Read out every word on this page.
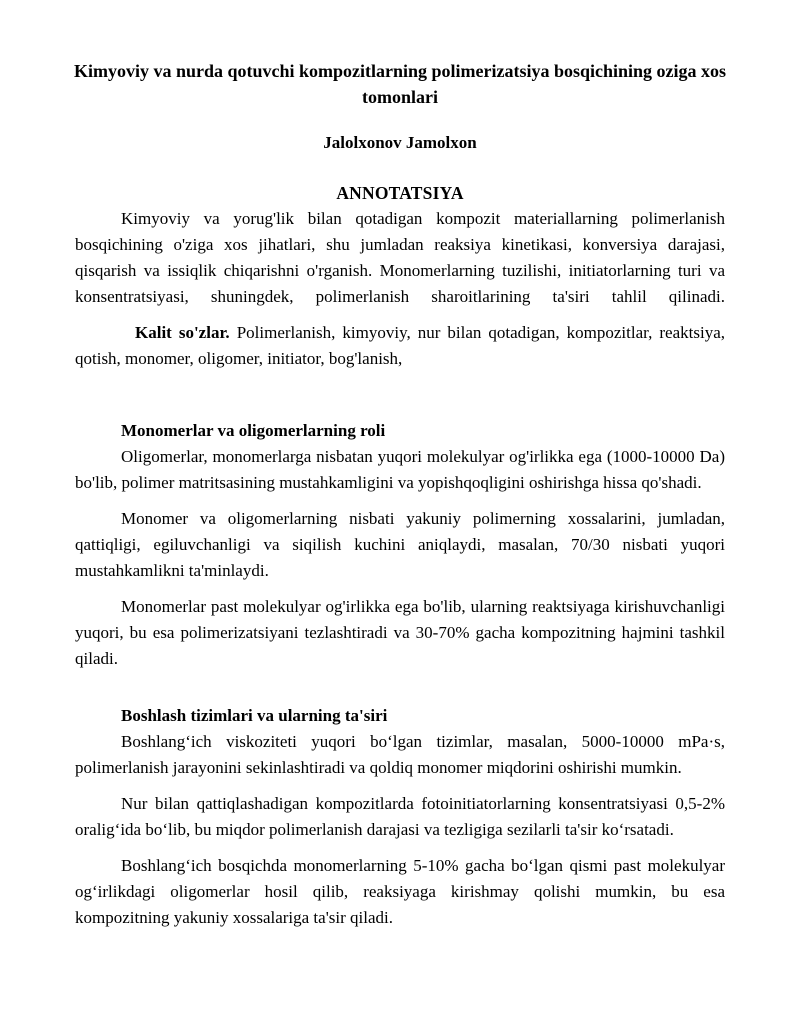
Kimyoviy va nurda qotuvchi kompozitlarning polimerizatsiya bosqichining oziga xos tomonlari

Jalolxonov Jamolxon

ANNOTATSIYA

Kimyoviy va yorug'lik bilan qotadigan kompozit materiallarning polimerlanish bosqichining o'ziga xos jihatlari, shu jumladan reaksiya kinetikasi, konversiya darajasi, qisqarish va issiqlik chiqarishni o'rganish. Monomerlarning tuzilishi, initiatorlarning turi va konsentratsiyasi, shuningdek, polimerlanish sharoitlarining ta'siri tahlil qilinadi.

Kalit so'zlar. Polimerlanish, kimyoviy, nur bilan qotadigan, kompozitlar, reaktsiya, qotish, monomer, oligomer, initiator, bog'lanish,

Monomerlar va oligomerlarning roli

Oligomerlar, monomerlarga nisbatan yuqori molekulyar og'irlikka ega (1000-10000 Da) bo'lib, polimer matritsasining mustahkamligini va yopishqoqligini oshirishga hissa qo'shadi.

Monomer va oligomerlarning nisbati yakuniy polimerning xossalarini, jumladan, qattiqligi, egiluvchanligi va siqilish kuchini aniqlaydi, masalan, 70/30 nisbati yuqori mustahkamlikni ta'minlaydi.

Monomerlar past molekulyar og'irlikka ega bo'lib, ularning reaktsiyaga kirishuvchanligi yuqori, bu esa polimerizatsiyani tezlashtiradi va 30-70% gacha kompozitning hajmini tashkil qiladi.

Boshlash tizimlari va ularning ta'siri

Boshlangʻich viskoziteti yuqori boʻlgan tizimlar, masalan, 5000-10000 mPa·s, polimerlanish jarayonini sekinlashtiradi va qoldiq monomer miqdorini oshirishi mumkin.

Nur bilan qattiqlashadigan kompozitlarda fotoinitiatorlarning konsentratsiyasi 0,5-2% oraligʻida boʻlib, bu miqdor polimerlanish darajasi va tezligiga sezilarli ta'sir koʻrsatadi.

Boshlangʻich bosqichda monomerlarning 5-10% gacha boʻlgan qismi past molekulyar ogʻirlikdagi oligomerlar hosil qilib, reaksiyaga kirishmay qolishi mumkin, bu esa kompozitning yakuniy xossalariga ta'sir qiladi.
